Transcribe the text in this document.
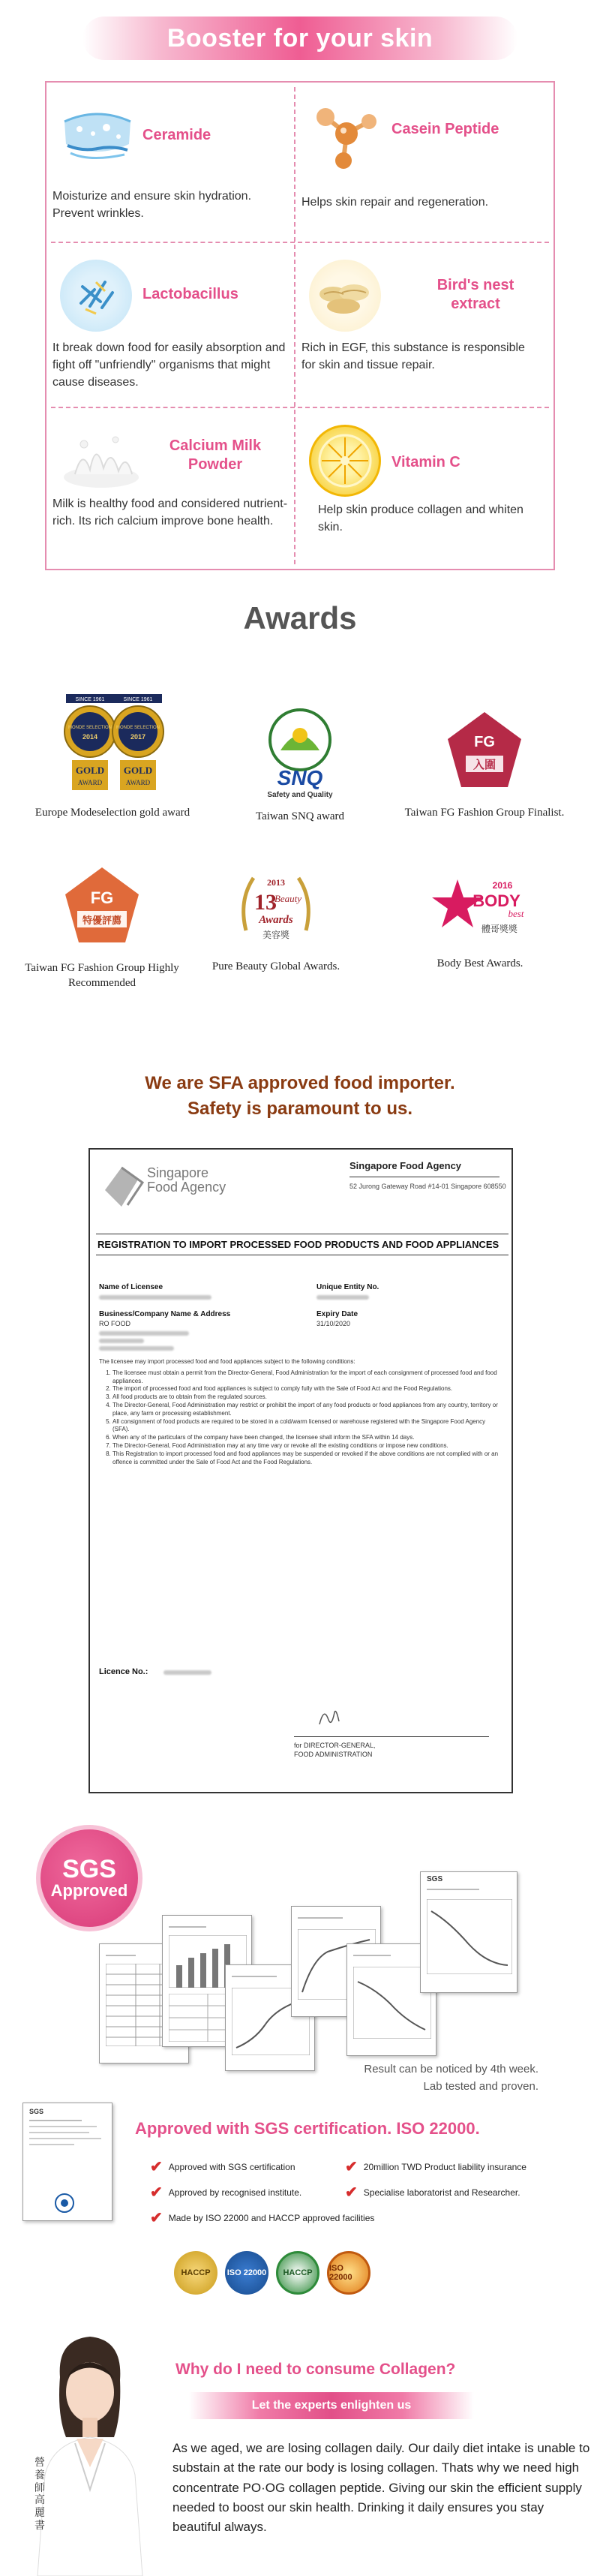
Booster for your skin
Ceramide
Moisturize and ensure skin hydration. Prevent wrinkles.
Casein Peptide
Helps skin repair and regeneration.
Lactobacillus
It break down food for easily absorption and fight off "unfriendly" organisms that might cause diseases.
Bird's nest extract
Rich in EGF, this substance is responsible for skin and tissue repair.
Calcium Milk Powder
Milk is healthy food and considered nutrient-rich. Its rich calcium improve bone health.
Vitamin C
Help skin produce collagen and whiten skin.
Awards
SINCE 1961
MONDE SELECTION
2014
GOLD
AWARD
SINCE 1961
MONDE SELECTION
2017
GOLD
AWARD
Europe Modeselection gold award
SNQ
Safety and Quality
Taiwan SNQ award
FG
入圍
Taiwan FG Fashion Group Finalist.
FG
特優評薦
Taiwan FG Fashion Group Highly Recommended
2013
13
Beauty
Awards
美容獎
Pure Beauty Global Awards.
2016
BODY
best
體哥獎獎
Body Best Awards.
We are SFA approved food importer.
Safety is paramount to us.
Singapore Food Agency
Singapore Food Agency
52 Jurong Gateway Road #14-01 Singapore 608550
REGISTRATION TO IMPORT PROCESSED FOOD PRODUCTS AND FOOD APPLIANCES
Name of Licensee	Unique Entity No.
Business/Company Name & Address
RO FOOD
Expiry Date
31/10/2020
The licensee may import processed food and food appliances subject to the following conditions:
1. The licensee must obtain a permit from the Director-General, Food Administration for the import of each consignment of processed food and food appliances.
2. The import of processed food and food appliances is subject to comply fully with the Sale of Food Act and the Food Regulations.
3. All food products are to obtain from the regulated sources.
4. The Director-General, Food Administration may restrict or prohibit the import of any food products or food appliances from any country, territory or place, any farm or processing establishment.
5. All consignment of food products are required to be stored in a cold/warm licensed or warehouse registered with the Singapore Food Agency (SFA).
6. When any of the particulars of the company have been changed, the licensee shall inform the SFA within 14 days.
7. The Director-General, Food Administration may at any time vary or revoke all the existing conditions or impose new conditions.
8. This Registration to import processed food and food appliances may be suspended or revoked if the above conditions are not complied with or an offence is committed under the Sale of Food Act and the Food Regulations.
Licence No.:
for DIRECTOR-GENERAL,
FOOD ADMINISTRATION
SGS
Approved
SGS
Result can be noticed by 4th week.
Lab tested and proven.
SGS
Approved with SGS certification. ISO 22000.
✔ Approved with SGS certification	✔ 20million TWD Product liability insurance
✔ Approved by recognised institute.	✔ Specialise laboratorist and Researcher.
✔ Made by ISO 22000 and HACCP approved facilities
HACCP	ISO 22000	HACCP	ISO 22000
營養師 高麗書
Why do I need to consume Collagen?
Let the experts enlighten us
As we aged, we are losing collagen daily. Our daily diet intake is unable to substain at the rate our body is losing collagen. Thats why we need high concentrate PO·OG collagen peptide. Giving our skin the efficient supply needed to boost our skin health. Drinking it daily ensures you stay beautiful always.
